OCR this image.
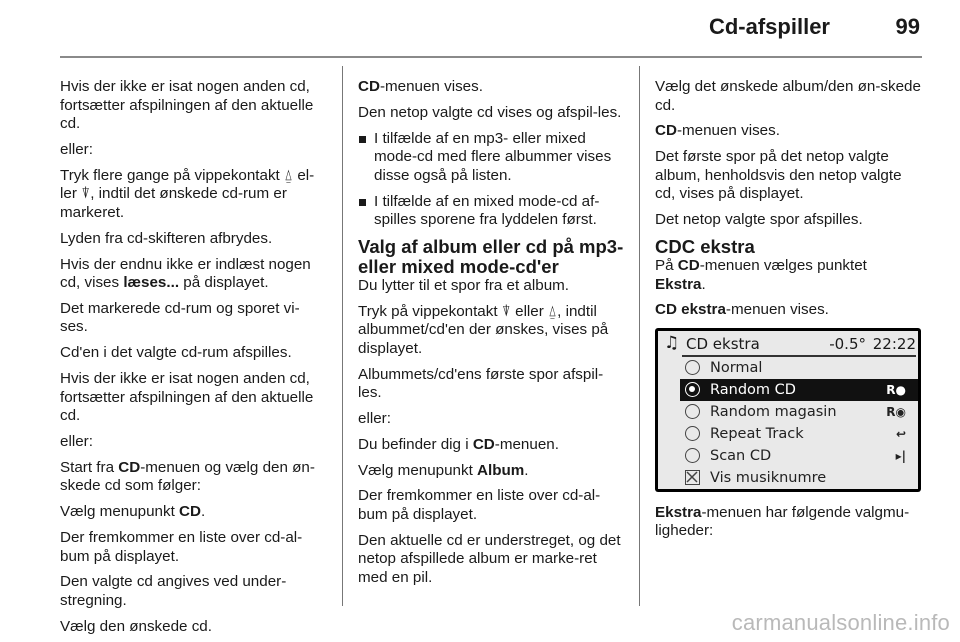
Cd-afspiller	99
Hvis der ikke er isat nogen anden cd, fortsætter afspilningen af den aktuelle cd.
eller:
Tryk flere gange på vippekontakt ⍙ el-ler ⍒, indtil det ønskede cd-rum er markeret.
Lyden fra cd-skifteren afbrydes.
Hvis der endnu ikke er indlæst nogen cd, vises læses... på displayet.
Det markerede cd-rum og sporet vi-ses.
Cd'en i det valgte cd-rum afspilles.
Hvis der ikke er isat nogen anden cd, fortsætter afspilningen af den aktuelle cd.
eller:
Start fra CD-menuen og vælg den øn-skede cd som følger:
Vælg menupunkt CD.
Der fremkommer en liste over cd-al-bum på displayet.
Den valgte cd angives ved under-stregning.
Vælg den ønskede cd.
CD-menuen vises.
Den netop valgte cd vises og afspil-les.
I tilfælde af en mp3- eller mixed mode-cd med flere albummer vises disse også på listen.
I tilfælde af en mixed mode-cd af-spilles sporene fra lyddelen først.
Valg af album eller cd på mp3-eller mixed mode-cd'er
Du lytter til et spor fra et album.
Tryk på vippekontakt ⍒ eller ⍙, indtil albummet/cd'en der ønskes, vises på displayet.
Albummets/cd'ens første spor afspil-les.
eller:
Du befinder dig i CD-menuen.
Vælg menupunkt Album.
Der fremkommer en liste over cd-al-bum på displayet.
Den aktuelle cd er understreget, og det netop afspillede album er marke-ret med en pil.
Vælg det ønskede album/den øn-skede cd.
CD-menuen vises.
Det første spor på det netop valgte album, henholdsvis den netop valgte cd, vises på displayet.
Det netop valgte spor afspilles.
CDC ekstra
På CD-menuen vælges punktet
Ekstra.
CD ekstra-menuen vises.
♫ CD ekstra	-0.5° 22:22
Normal
Random CD	R●
Random magasin	R◉
Repeat Track	↩
Scan CD	▸|
Vis musiknumre
Ekstra-menuen har følgende valgmu-ligheder:
carmanualsonline.info
